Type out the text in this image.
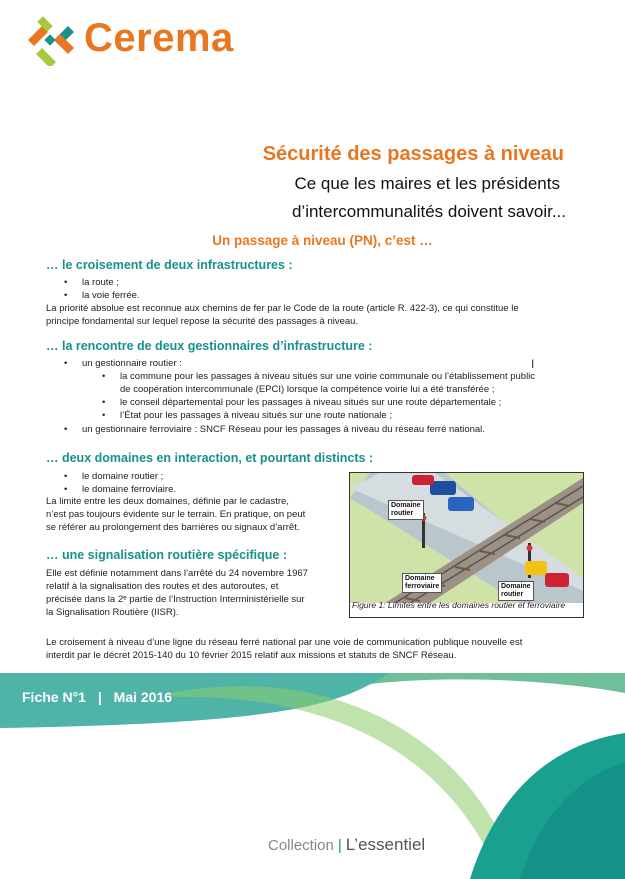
Cerema
Sécurité des passages à niveau
Ce que les maires et les présidents
d’intercommunalités doivent savoir...
Un passage à niveau (PN), c’est …
… le croisement de deux infrastructures :
• la route ;
• la voie ferrée.
La priorité absolue est reconnue aux chemins de fer par le Code de la route (article R. 422-3), ce qui constitue le
principe fondamental sur lequel repose la sécurité des passages à niveau.
… la rencontre de deux gestionnaires d’infrastructure :
• un gestionnaire routier :
• la commune pour les passages à niveau situés sur une voirie communale ou l’établissement public
de coopération intercommunale (EPCI) lorsque la compétence voirie lui a été transférée ;
• le conseil départemental pour les passages à niveau situés sur une route départementale ;
• l’État pour les passages à niveau situés sur une route nationale ;
• un gestionnaire ferroviaire : SNCF Réseau pour les passages à niveau du réseau ferré national.
I
… deux domaines en interaction, et pourtant distincts :
• le domaine routier ;
• le domaine ferroviaire.
La limite entre les deux domaines, définie par le cadastre,
n’est pas toujours évidente sur le terrain. En pratique, on peut
se référer au prolongement des barrières ou signaux d’arrêt.
… une signalisation routière spécifique :
Elle est définie notamment dans l’arrêté du 24 novembre 1967
relatif à la signalisation des routes et des autoroutes, et
précisée dans la 2ᵉ partie de l’Instruction Interministérielle sur
la Signalisation Routière (IISR).
Domaine
routier
Domaine
ferroviaire	Domaine
routier
Figure 1: Limites entre les domaines routier et ferroviaire
Le croisement à niveau d’une ligne du réseau ferré national par une voie de communication publique nouvelle est
interdit par le décret 2015-140 du 10 février 2015 relatif aux missions et statuts de SNCF Réseau.
Fiche N°1 | Mai 2016
Collection | L’essentiel
